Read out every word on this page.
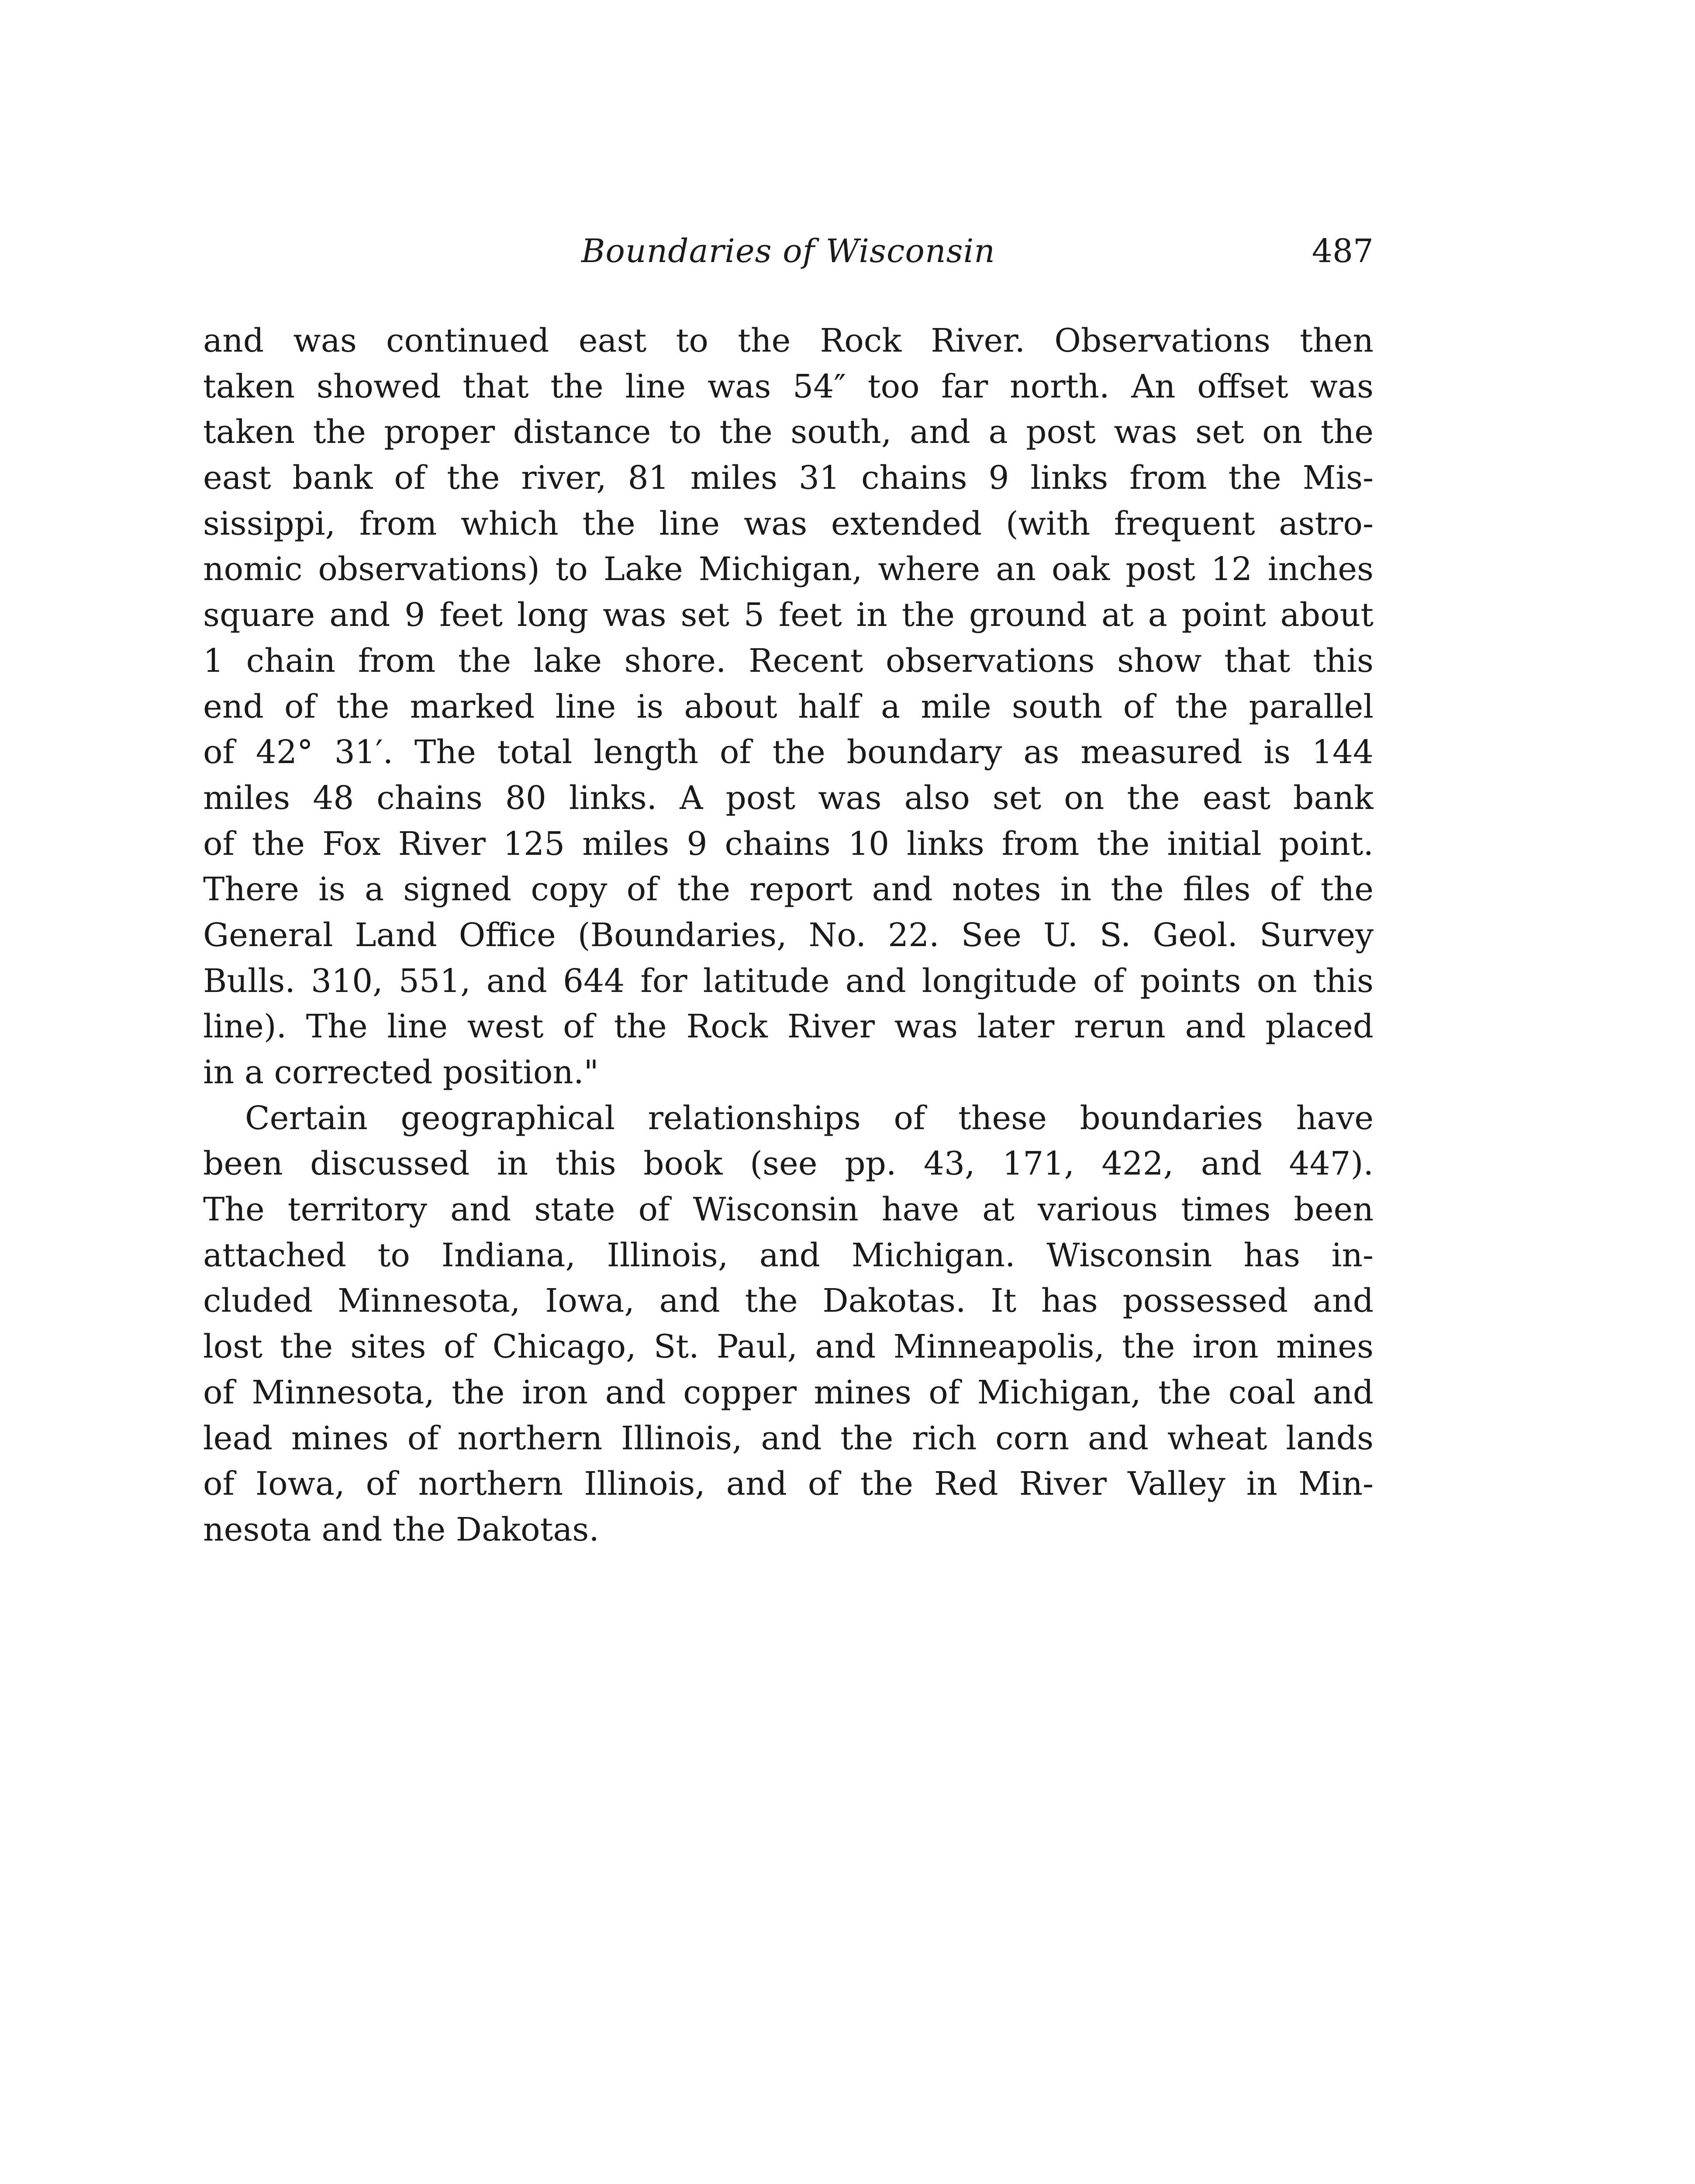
Boundaries of Wisconsin	487
and was continued east to the Rock River. Observations then
taken showed that the line was 54″ too far north. An offset was
taken the proper distance to the south, and a post was set on the
east bank of the river, 81 miles 31 chains 9 links from the Mis-
sissippi, from which the line was extended (with frequent astro-
nomic observations) to Lake Michigan, where an oak post 12 inches
square and 9 feet long was set 5 feet in the ground at a point about
1 chain from the lake shore. Recent observations show that this
end of the marked line is about half a mile south of the parallel
of 42° 31′. The total length of the boundary as measured is 144
miles 48 chains 80 links. A post was also set on the east bank
of the Fox River 125 miles 9 chains 10 links from the initial point.
There is a signed copy of the report and notes in the files of the
General Land Office (Boundaries, No. 22. See U. S. Geol. Survey
Bulls. 310, 551, and 644 for latitude and longitude of points on this
line). The line west of the Rock River was later rerun and placed
in a corrected position."
Certain geographical relationships of these boundaries have
been discussed in this book (see pp. 43, 171, 422, and 447).
The territory and state of Wisconsin have at various times been
attached to Indiana, Illinois, and Michigan. Wisconsin has in-
cluded Minnesota, Iowa, and the Dakotas. It has possessed and
lost the sites of Chicago, St. Paul, and Minneapolis, the iron mines
of Minnesota, the iron and copper mines of Michigan, the coal and
lead mines of northern Illinois, and the rich corn and wheat lands
of Iowa, of northern Illinois, and of the Red River Valley in Min-
nesota and the Dakotas.
